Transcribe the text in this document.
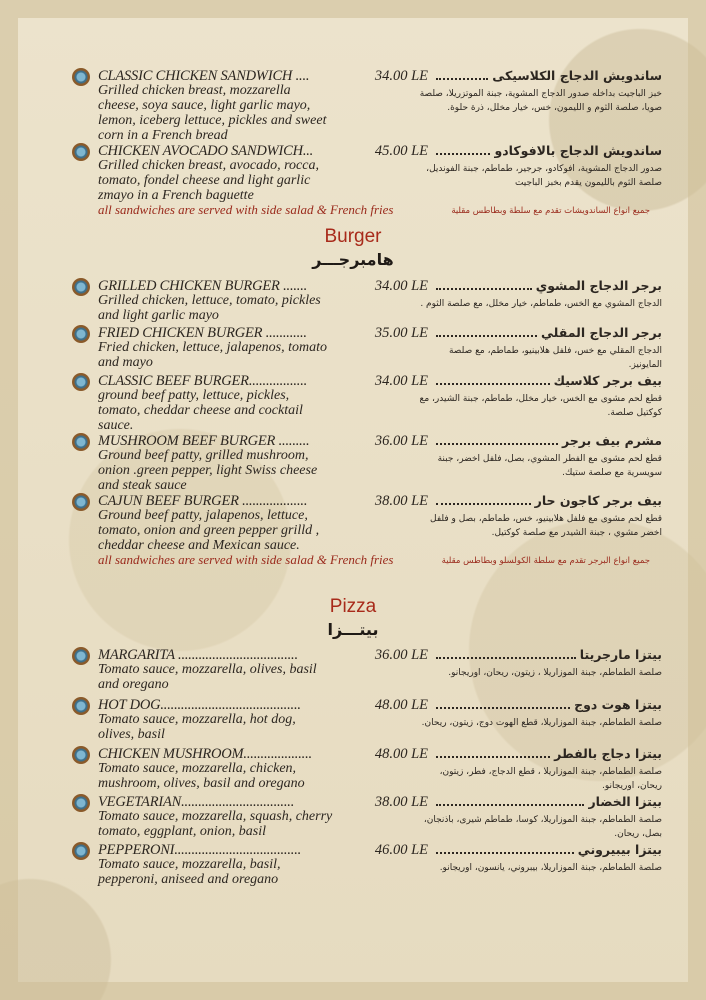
Burger
هامبرجـــر
Pizza
بيتـــزا
all sandwiches are served with side salad & French fries	جميع انواع الساندويشات تقدم مع سلطة وبطاطس مقلية
all sandwiches are served with side salad & French fries	جميع انواع البرجر تقدم مع سلطة الكولسلو وبطاطس مقلية
CLASSIC CHICKEN SANDWICH ....	34.00 LE
Grilled chicken breast, mozzarella cheese, soya sauce, light garlic mayo, lemon, iceberg lettuce, pickles and sweet corn in a French bread
ساندويش الدجاج الكلاسيكى
خبز الباجيت بداخله صدور الدجاج المشوية، جبنة الموتزريلا، صلصة صويا، صلصة الثوم و الليمون، خس، خيار مخلل، ذرة حلوة.
CHICKEN AVOCADO SANDWICH...	45.00 LE
Grilled chicken breast, avocado, rocca, tomato, fondel cheese and light garlic zmayo in a French baguette
ساندويش الدجاج بالافوكادو
صدور الدجاج المشوية، افوكادو، جرجير، طماطم، جبنة الفونديل، صلصة الثوم بالليمون يقدم بخبز الباجيت
GRILLED CHICKEN BURGER .......	34.00 LE
Grilled chicken, lettuce, tomato, pickles and light garlic mayo
برجر الدجاج المشوي
الدجاج المشوي مع الخس، طماطم، خيار مخلل، مع صلصة الثوم .
FRIED CHICKEN BURGER ............	35.00 LE
Fried chicken, lettuce, jalapenos, tomato and mayo
برجر الدجاج المقلي
الدجاج المقلي مع خس، فلفل هلابينيو، طماطم، مع صلصة المايونيز.
CLASSIC BEEF BURGER.................	34.00 LE
ground beef patty, lettuce, pickles, tomato, cheddar cheese and cocktail sauce.
بيف برجر كلاسيك
قطع لحم مشوى مع الخس، خيار مخلل، طماطم، جبنة الشيدر، مع كوكتيل صلصة.
MUSHROOM BEEF BURGER .........	36.00 LE
Ground beef patty, grilled mushroom, onion .green pepper, light Swiss cheese and steak sauce
مشرم بيف برجر
قطع لحم مشوى مع الفطر المشوي، بصل، فلفل اخضر، جبنة سويسرية مع صلصة ستيك.
CAJUN BEEF BURGER ...................	38.00 LE
Ground beef patty, jalapenos, lettuce, tomato, onion and green pepper grilld , cheddar cheese and Mexican sauce.
بيف برجر كاجون حار
قطع لحم مشوى مع فلفل هلابينيو، خس، طماطم، بصل و فلفل اخضر مشوي ، جبنة الشيدر مع صلصة كوكتيل.
MARGARITA ...................................	36.00 LE
Tomato sauce, mozzarella, olives, basil and oregano
بيتزا مارجريتا
صلصة الطماطم، جبنة الموزاريلا ، زيتون، ريحان، اوريجانو.
HOT DOG.........................................	48.00 LE
Tomato sauce, mozzarella, hot dog, olives, basil
بيتزا هوت دوج
صلصة الطماطم، جبنة الموزاريلا، قطع الهوت دوج، زيتون، ريحان.
CHICKEN MUSHROOM....................	48.00 LE
Tomato sauce, mozzarella, chicken, mushroom, olives, basil and oregano
بيتزا دجاج بالفطر
صلصة الطماطم، جبنة الموزاريلا ، قطع الدجاج، فطر، زيتون، ريحان، اوريجانو.
VEGETARIAN.................................	38.00 LE
Tomato sauce, mozzarella, squash, cherry tomato, eggplant, onion, basil
بيتزا الخضار
صلصة الطماطم، جبنة الموزاريلا، كوسا، طماطم شيرى، باذنجان، بصل، ريحان.
PEPPERONI.....................................	46.00 LE
Tomato sauce, mozzarella, basil, pepperoni, aniseed and oregano
بيتزا بيبيروني
صلصة الطماطم، جبنة الموزاريلا، بيبروني، يانسون، اوريجانو.
